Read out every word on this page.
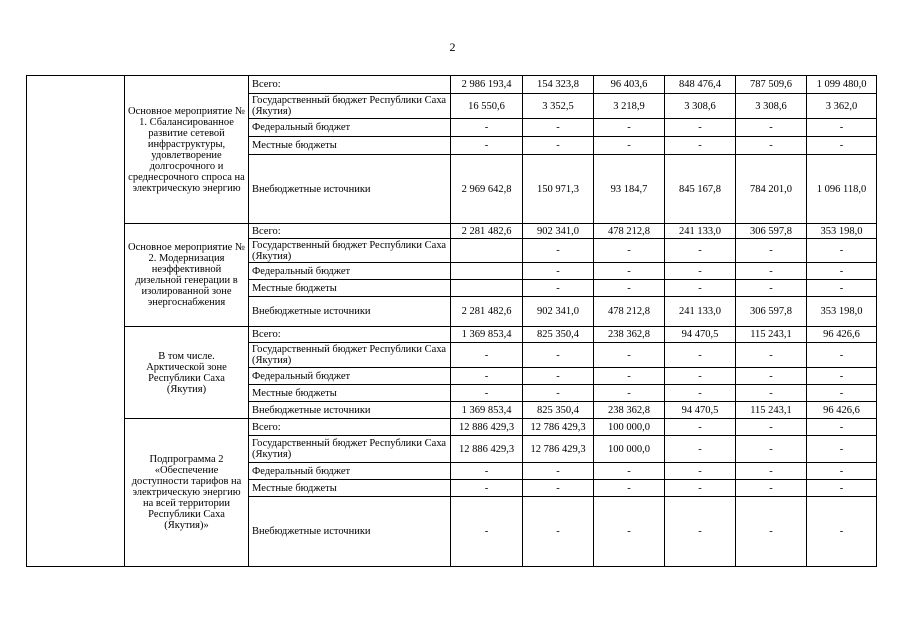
2
	Основное мероприятие № 1. Сбалансированное развитие сетевой инфраструктуры, удовлетворение долгосрочного и среднесрочного спроса на электрическую энергию	Всего:	2 986 193,4	154 323,8	96 403,6	848 476,4	787 509,6	1 099 480,0
		Государственный бюджет Республики Саха (Якутия)	16 550,6	3 352,5	3 218,9	3 308,6	3 308,6	3 362,0
		Федеральный бюджет	-	-	-	-	-	-
		Местные бюджеты	-	-	-	-	-	-
		Внебюджетные источники	2 969 642,8	150 971,3	93 184,7	845 167,8	784 201,0	1 096 118,0
	Основное мероприятие № 2. Модернизация неэффективной дизельной генерации в изолированной зоне энергоснабжения	Всего:	2 281 482,6	902 341,0	478 212,8	241 133,0	306 597,8	353 198,0
		Государственный бюджет Республики Саха (Якутия)		-	-	-	-	-
		Федеральный бюджет		-	-	-	-	-
		Местные бюджеты		-	-	-	-	-
		Внебюджетные источники	2 281 482,6	902 341,0	478 212,8	241 133,0	306 597,8	353 198,0
	В том числе. Арктической зоне Республики Саха (Якутия)	Всего:	1 369 853,4	825 350,4	238 362,8	94 470,5	115 243,1	96 426,6
		Государственный бюджет Республики Саха (Якутия)	-	-	-	-	-	-
		Федеральный бюджет	-	-	-	-	-	-
		Местные бюджеты	-	-	-	-	-	-
		Внебюджетные источники	1 369 853,4	825 350,4	238 362,8	94 470,5	115 243,1	96 426,6
	Подпрограмма 2 «Обеспечение доступности тарифов на электрическую энергию на всей территории Республики Саха (Якутия)»	Всего:	12 886 429,3	12 786 429,3	100 000,0	-	-	-
		Государственный бюджет Республики Саха (Якутия)	12 886 429,3	12 786 429,3	100 000,0	-	-	-
		Федеральный бюджет	-	-	-	-	-	-
		Местные бюджеты	-	-	-	-	-	-
		Внебюджетные источники	-	-	-	-	-	-
